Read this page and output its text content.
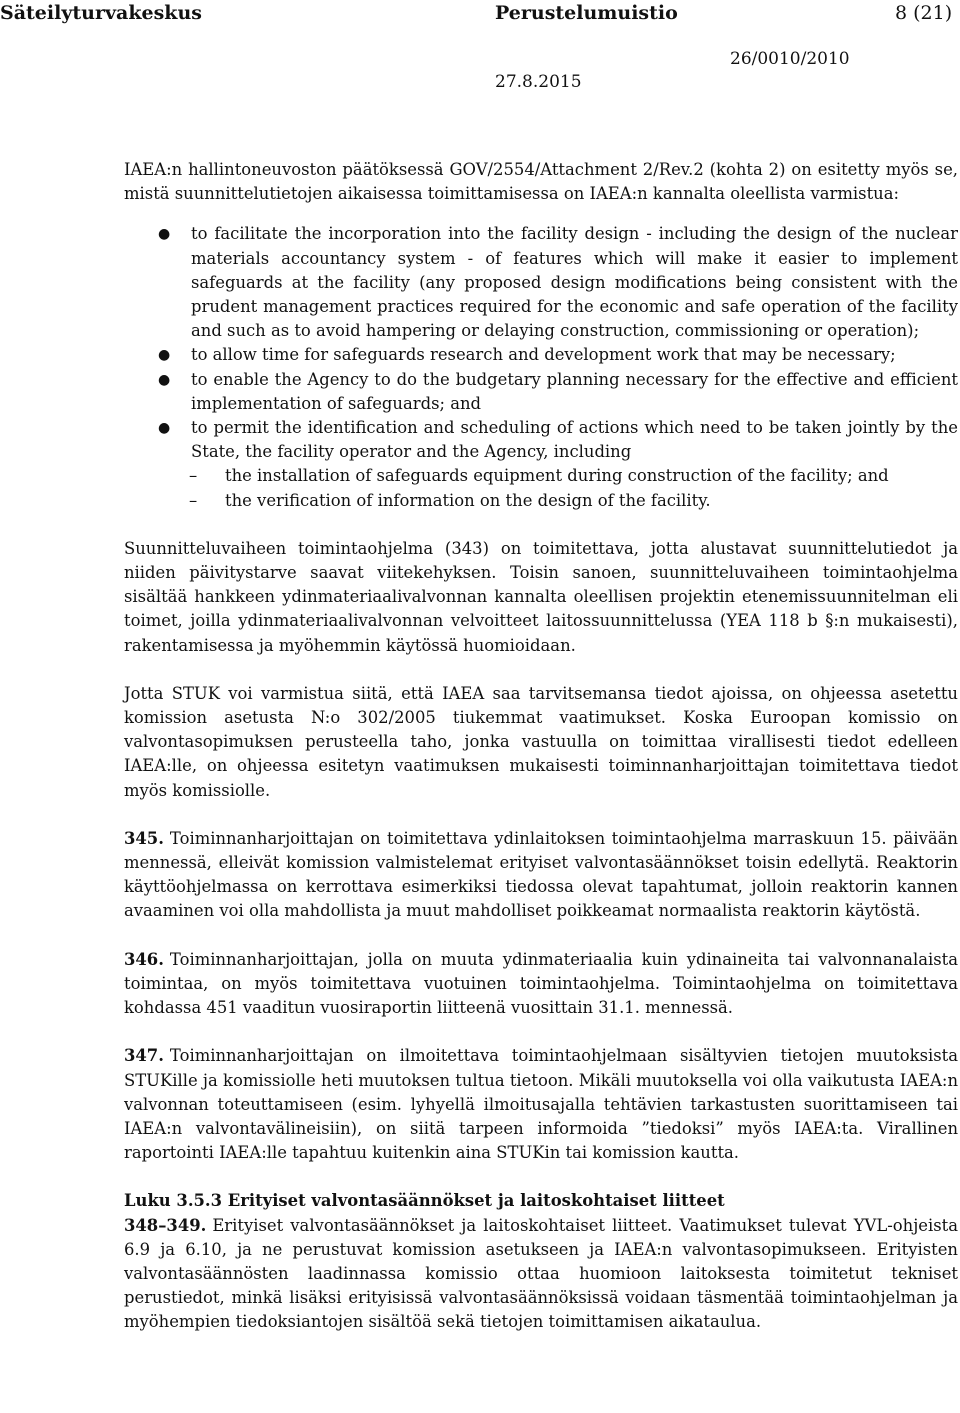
Säteilyturvakeskus	Perustelumuistio	8 (21)
26/0010/2010
27.8.2015

IAEA:n hallintoneuvoston päätöksessä GOV/2554/Attachment 2/Rev.2 (kohta 2) on esitetty myös se, mistä suunnittelutietojen aikaisessa toimittamisessa on IAEA:n kannalta oleellista varmistua:

● to facilitate the incorporation into the facility design - including the design of the nuclear materials accountancy system - of features which will make it easier to implement safeguards at the facility (any proposed design modifications being consistent with the prudent management practices required for the economic and safe operation of the facility and such as to avoid hampering or delaying construction, commissioning or operation);
● to allow time for safeguards research and development work that may be necessary;
● to enable the Agency to do the budgetary planning necessary for the effective and efficient implementation of safeguards; and
● to permit the identification and scheduling of actions which need to be taken jointly by the State, the facility operator and the Agency, including
– the installation of safeguards equipment during construction of the facility; and
– the verification of information on the design of the facility.

Suunnitteluvaiheen toimintaohjelma (343) on toimitettava, jotta alustavat suunnittelutiedot ja niiden päivitystarve saavat viitekehyksen. Toisin sanoen, suunnitteluvaiheen toimintaohjelma sisältää hankkeen ydinmateriaalivalvonnan kannalta oleellisen projektin etenemissuunnitelman eli toimet, joilla ydinmateriaalivalvonnan velvoitteet laitossuunnittelussa (YEA 118 b §:n mukaisesti), rakentamisessa ja myöhemmin käytössä huomioidaan.

Jotta STUK voi varmistua siitä, että IAEA saa tarvitsemansa tiedot ajoissa, on ohjeessa asetettu komission asetusta N:o 302/2005 tiukemmat vaatimukset. Koska Euroopan komissio on valvontasopimuksen perusteella taho, jonka vastuulla on toimittaa virallisesti tiedot edelleen IAEA:lle, on ohjeessa esitetyn vaatimuksen mukaisesti toiminnanharjoittajan toimitettava tiedot myös komissiolle.

345. Toiminnanharjoittajan on toimitettava ydinlaitoksen toimintaohjelma marraskuun 15. päivään mennessä, elleivät komission valmistelemat erityiset valvontasäännökset toisin edellytä. Reaktorin käyttöohjelmassa on kerrottava esimerkiksi tiedossa olevat tapahtumat, jolloin reaktorin kannen avaaminen voi olla mahdollista ja muut mahdolliset poikkeamat normaalista reaktorin käytöstä.

346. Toiminnanharjoittajan, jolla on muuta ydinmateriaalia kuin ydinaineita tai valvonnanalaista toimintaa, on myös toimitettava vuotuinen toimintaohjelma. Toimintaohjelma on toimitettava kohdassa 451 vaaditun vuosiraportin liitteenä vuosittain 31.1. mennessä.

347. Toiminnanharjoittajan on ilmoitettava toimintaohjelmaan sisältyvien tietojen muutoksista STUKille ja komissiolle heti muutoksen tultua tietoon. Mikäli muutoksella voi olla vaikutusta IAEA:n valvonnan toteuttamiseen (esim. lyhyellä ilmoitusajalla tehtävien tarkastusten suorittamiseen tai IAEA:n valvontavälineisiin), on siitä tarpeen informoida ”tiedoksi” myös IAEA:ta. Virallinen raportointi IAEA:lle tapahtuu kuitenkin aina STUKin tai komission kautta.

Luku 3.5.3 Erityiset valvontasäännökset ja laitoskohtaiset liitteet

348–349. Erityiset valvontasäännökset ja laitoskohtaiset liitteet. Vaatimukset tulevat YVL-ohjeista 6.9 ja 6.10, ja ne perustuvat komission asetukseen ja IAEA:n valvontasopimukseen. Erityisten valvontasäännösten laadinnassa komissio ottaa huomioon laitoksesta toimitetut tekniset perustiedot, minkä lisäksi erityisissä valvontasäännöksissä voidaan täsmentää toimintaohjelman ja myöhempien tiedoksiantojen sisältöä sekä tietojen toimittamisen aikataulua.
